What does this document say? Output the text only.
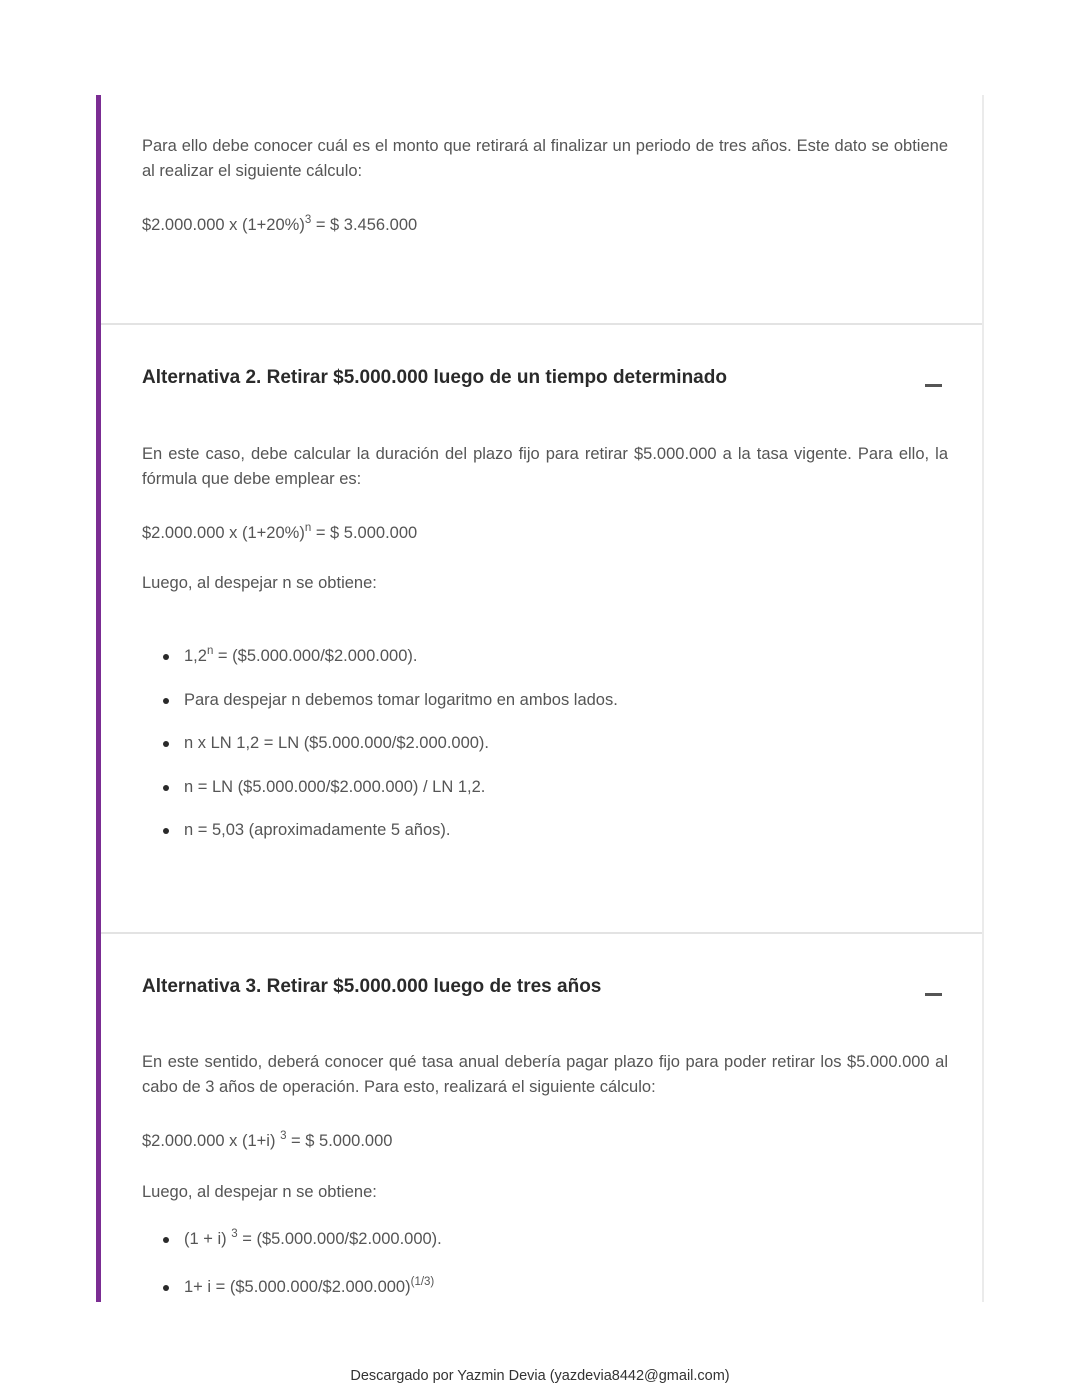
Para ello debe conocer cuál es el monto que retirará al finalizar un periodo de tres años. Este dato se obtiene al realizar el siguiente cálculo:

$2.000.000 x $(1+20\%)^3$ = $ 3.456.000

Alternativa 2. Retirar $5.000.000 luego de un tiempo determinado

En este caso, debe calcular la duración del plazo fijo para retirar $5.000.000 a la tasa vigente. Para ello, la fórmula que debe emplear es:

$2.000.000 x $(1+20\%)^n$ = $ 5.000.000

Luego, al despejar n se obtiene:

$1,2^n$ = ($5.000.000/$2.000.000).
Para despejar n debemos tomar logaritmo en ambos lados.
n x LN 1,2 = LN ($5.000.000/$2.000.000).
n = LN ($5.000.000/$2.000.000) / LN 1,2.
n = 5,03 (aproximadamente 5 años).
Alternativa 3. Retirar $5.000.000 luego de tres años

En este sentido, deberá conocer qué tasa anual debería pagar plazo fijo para poder retirar los $5.000.000 al cabo de 3 años de operación. Para esto, realizará el siguiente cálculo:

$2.000.000 x (1+i) $^3$ = $ 5.000.000

Luego, al despejar n se obtiene:

(1 + i) $^3$ = ($5.000.000/$2.000.000).
1+ i = ($5.000.000/$2.000.000)$^{(1/3)}$
Descargado por Yazmin Devia (yazdevia8442@gmail.com)
